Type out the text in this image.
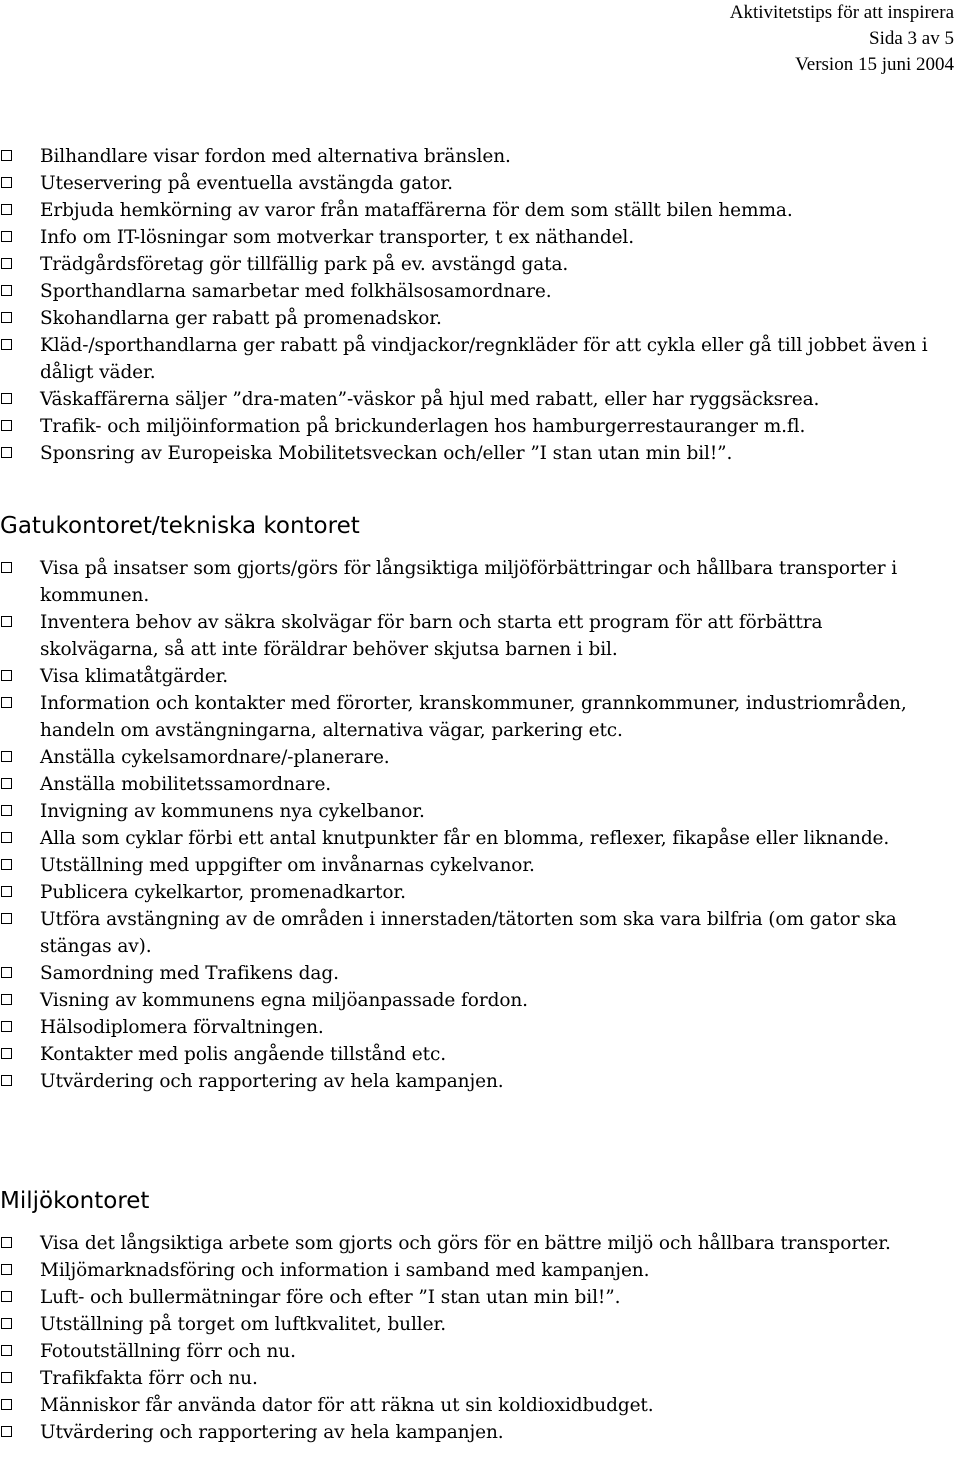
Aktivitetstips för att inspirera
Sida 3 av 5
Version 15 juni 2004
Bilhandlare visar fordon med alternativa bränslen.
Uteservering på eventuella avstängda gator.
Erbjuda hemkörning av varor från mataffärerna för dem som ställt bilen hemma.
Info om IT-lösningar som motverkar transporter, t ex näthandel.
Trädgårdsföretag gör tillfällig park på ev. avstängd gata.
Sporthandlarna samarbetar med folkhälsosamordnare.
Skohandlarna ger rabatt på promenadskor.
Kläd-/sporthandlarna ger rabatt på vindjackor/regnkläder för att cykla eller gå till jobbet även i dåligt väder.
Väskaffärerna säljer ”dra-maten”-väskor på hjul med rabatt, eller har ryggsäcksrea.
Trafik- och miljöinformation på brickunderlagen hos hamburgerrestauranger m.fl.
Sponsring av Europeiska Mobilitetsveckan och/eller ”I stan utan min bil!”.
Gatukontoret/tekniska kontoret
Visa på insatser som gjorts/görs för långsiktiga miljöförbättringar och hållbara transporter i kommunen.
Inventera behov av säkra skolvägar för barn och starta ett program för att förbättra skolvägarna, så att inte föräldrar behöver skjutsa barnen i bil.
Visa klimatåtgärder.
Information och kontakter med förorter, kranskommuner, grannkommuner, industriområden, handeln om avstängningarna, alternativa vägar, parkering etc.
Anställa cykelsamordnare/-planerare.
Anställa mobilitetssamordnare.
Invigning av kommunens nya cykelbanor.
Alla som cyklar förbi ett antal knutpunkter får en blomma, reflexer, fikapåse eller liknande.
Utställning med uppgifter om invånarnas cykelvanor.
Publicera cykelkartor, promenadkartor.
Utföra avstängning av de områden i innerstaden/tätorten som ska vara bilfria (om gator ska stängas av).
Samordning med Trafikens dag.
Visning av kommunens egna miljöanpassade fordon.
Hälsodiplomera förvaltningen.
Kontakter med polis angående tillstånd etc.
Utvärdering och rapportering av hela kampanjen.
Miljökontoret
Visa det långsiktiga arbete som gjorts och görs för en bättre miljö och hållbara transporter.
Miljömarknadsföring och information i samband med kampanjen.
Luft- och bullermätningar före och efter ”I stan utan min bil!”.
Utställning på torget om luftkvalitet, buller.
Fotoutställning förr och nu.
Trafikfakta förr och nu.
Människor får använda dator för att räkna ut sin koldioxidbudget.
Utvärdering och rapportering av hela kampanjen.
